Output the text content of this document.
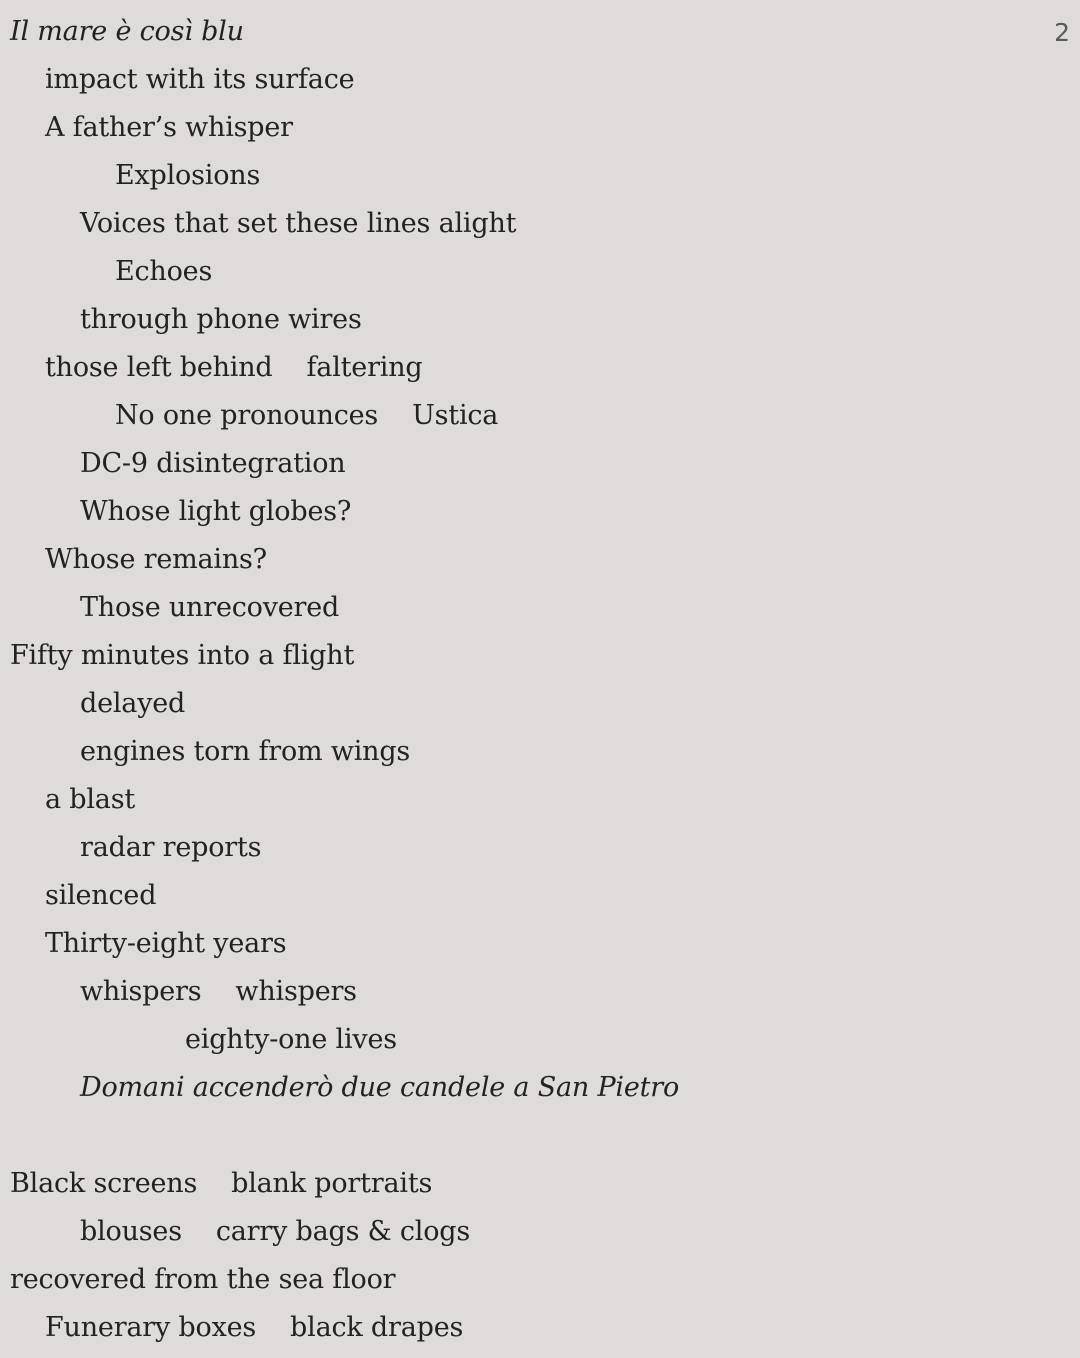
2
Il mare è così blu
impact with its surface
A father’s whisper
Explosions
Voices that set these lines alight
Echoes
through phone wires
those left behind faltering
No one pronounces Ustica
DC-9 disintegration
Whose light globes?
Whose remains?
Those unrecovered
Fifty minutes into a flight
delayed
engines torn from wings
a blast
radar reports
silenced
Thirty-eight years
whispers whispers
eighty-one lives
Domani accenderò due candele a San Pietro
Black screens blank portraits
blouses carry bags & clogs
recovered from the sea floor
Funerary boxes black drapes
